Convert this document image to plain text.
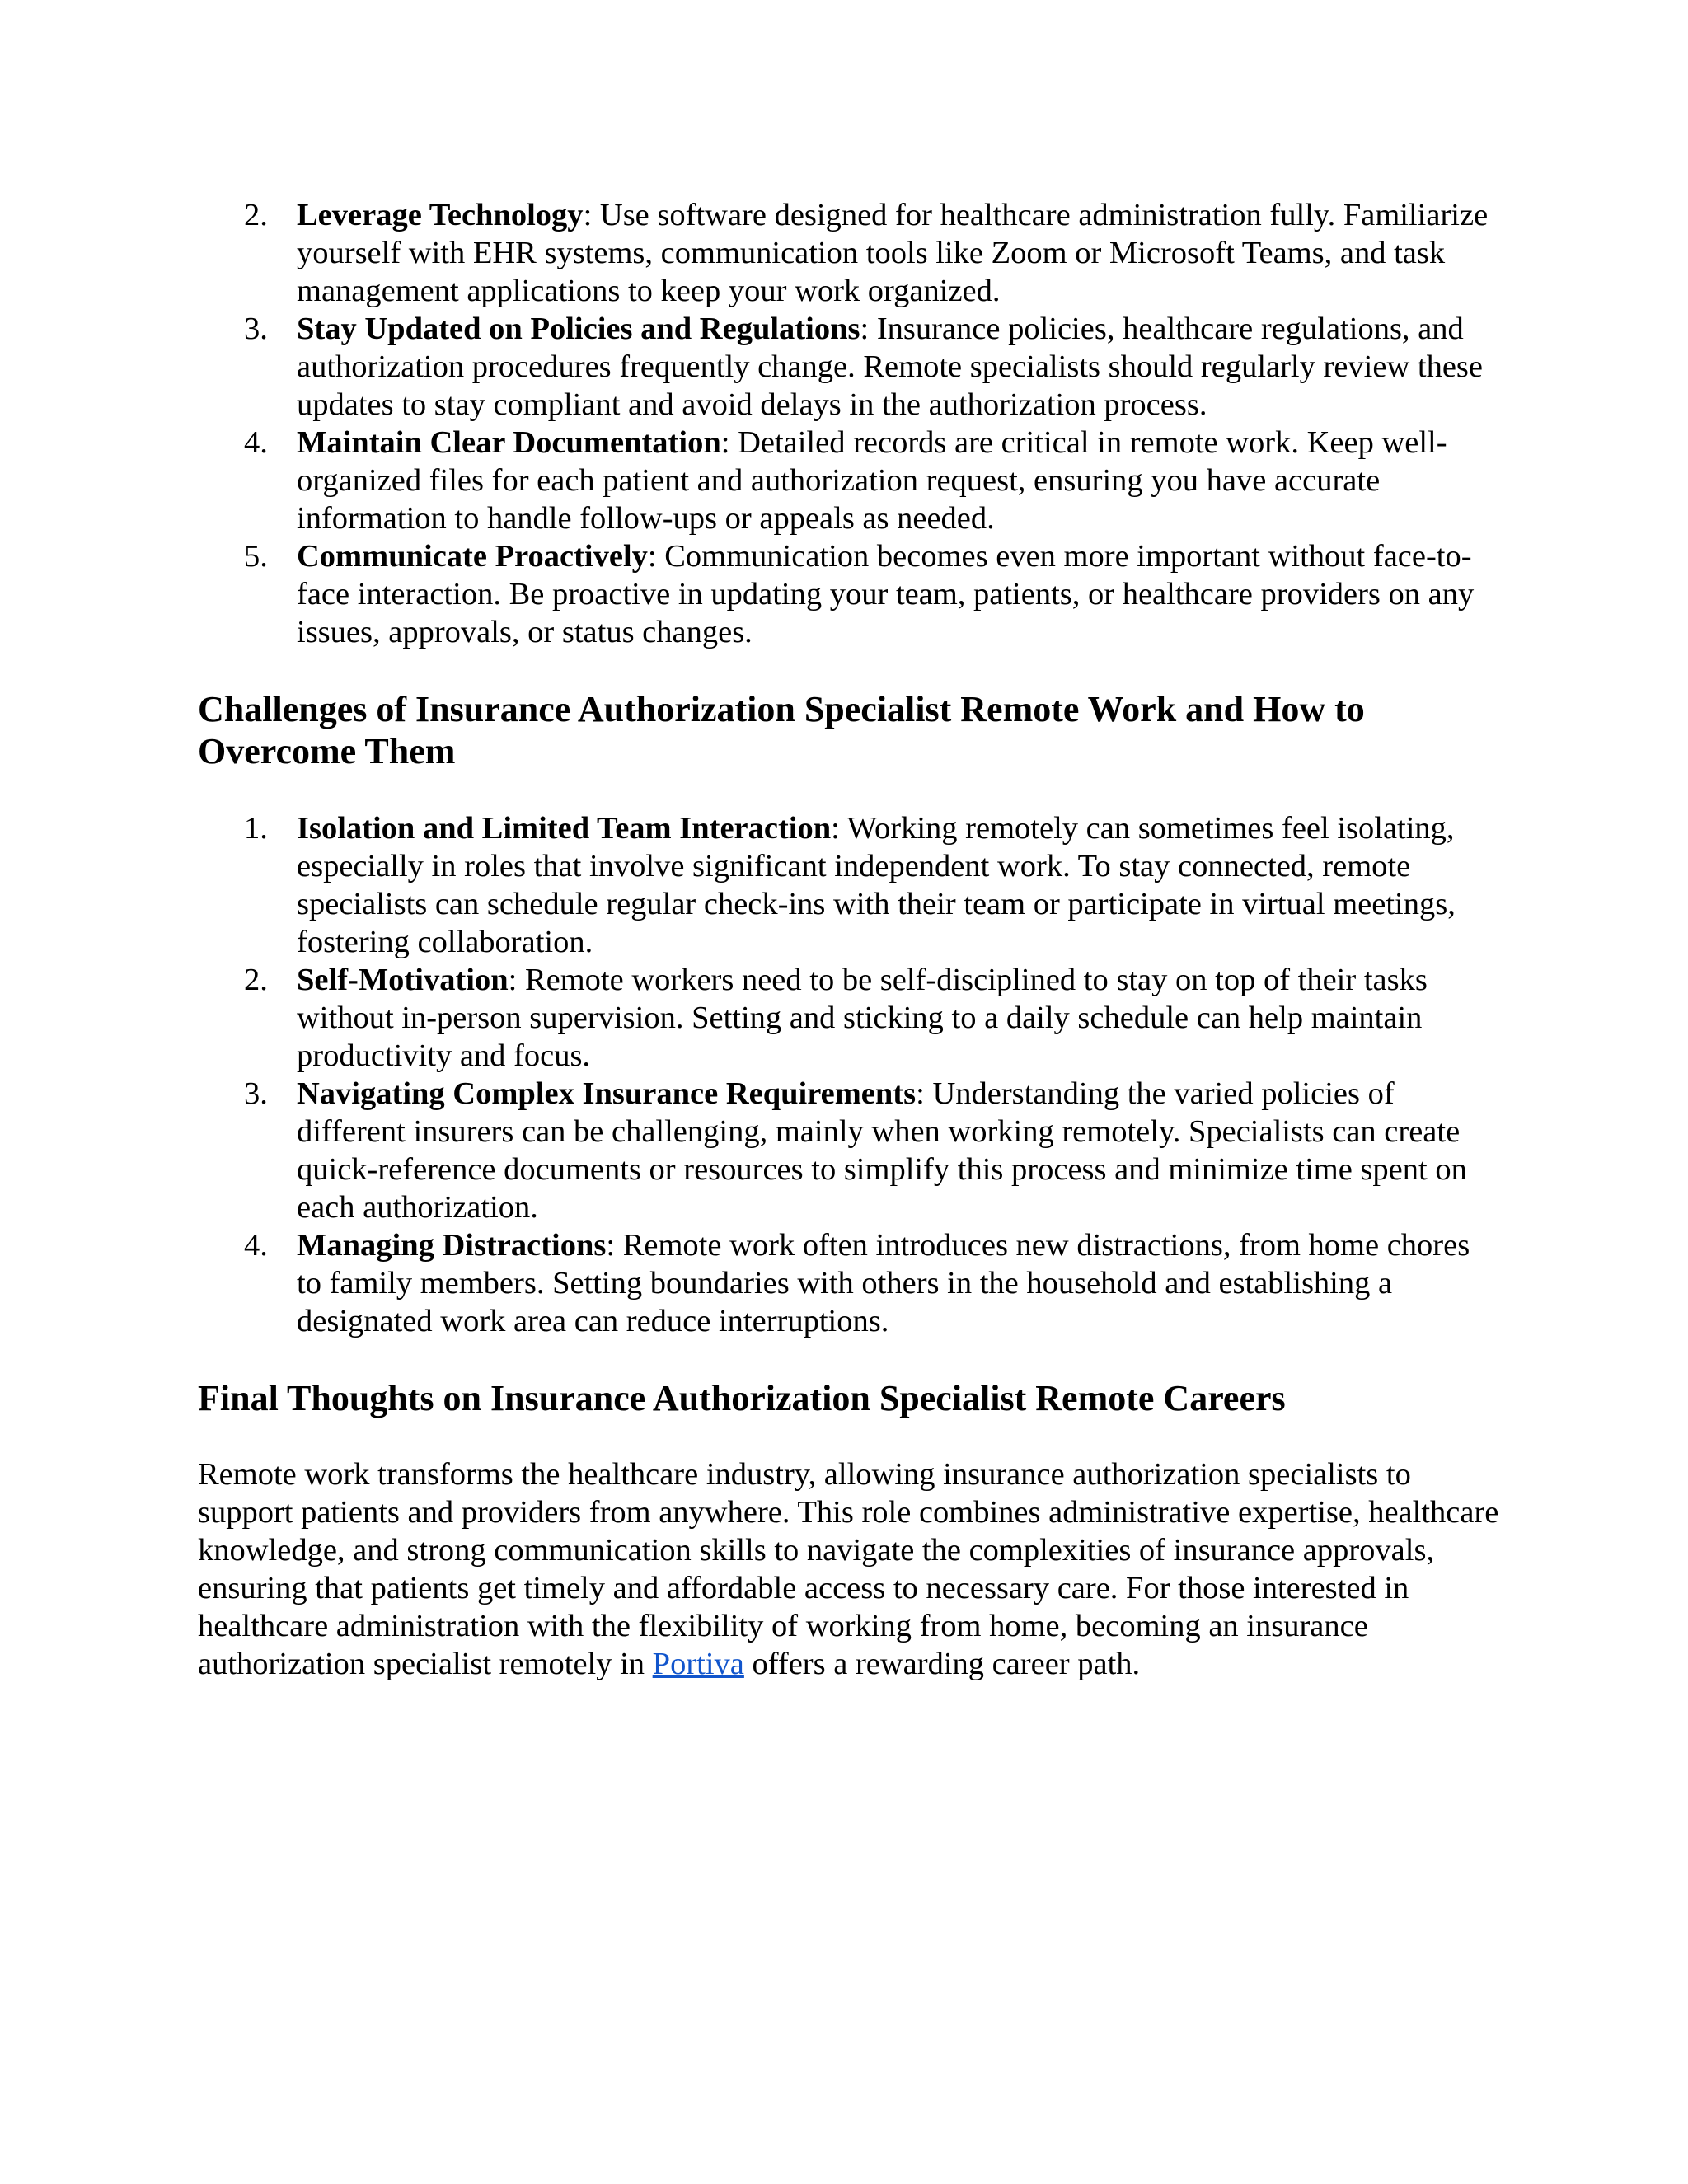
2. Leverage Technology: Use software designed for healthcare administration fully. Familiarize yourself with EHR systems, communication tools like Zoom or Microsoft Teams, and task management applications to keep your work organized.
3. Stay Updated on Policies and Regulations: Insurance policies, healthcare regulations, and authorization procedures frequently change. Remote specialists should regularly review these updates to stay compliant and avoid delays in the authorization process.
4. Maintain Clear Documentation: Detailed records are critical in remote work. Keep well-organized files for each patient and authorization request, ensuring you have accurate information to handle follow-ups or appeals as needed.
5. Communicate Proactively: Communication becomes even more important without face-to-face interaction. Be proactive in updating your team, patients, or healthcare providers on any issues, approvals, or status changes.
Challenges of Insurance Authorization Specialist Remote Work and How to Overcome Them
1. Isolation and Limited Team Interaction: Working remotely can sometimes feel isolating, especially in roles that involve significant independent work. To stay connected, remote specialists can schedule regular check-ins with their team or participate in virtual meetings, fostering collaboration.
2. Self-Motivation: Remote workers need to be self-disciplined to stay on top of their tasks without in-person supervision. Setting and sticking to a daily schedule can help maintain productivity and focus.
3. Navigating Complex Insurance Requirements: Understanding the varied policies of different insurers can be challenging, mainly when working remotely. Specialists can create quick-reference documents or resources to simplify this process and minimize time spent on each authorization.
4. Managing Distractions: Remote work often introduces new distractions, from home chores to family members. Setting boundaries with others in the household and establishing a designated work area can reduce interruptions.
Final Thoughts on Insurance Authorization Specialist Remote Careers

Remote work transforms the healthcare industry, allowing insurance authorization specialists to support patients and providers from anywhere. This role combines administrative expertise, healthcare knowledge, and strong communication skills to navigate the complexities of insurance approvals, ensuring that patients get timely and affordable access to necessary care. For those interested in healthcare administration with the flexibility of working from home, becoming an insurance authorization specialist remotely in Portiva offers a rewarding career path.
